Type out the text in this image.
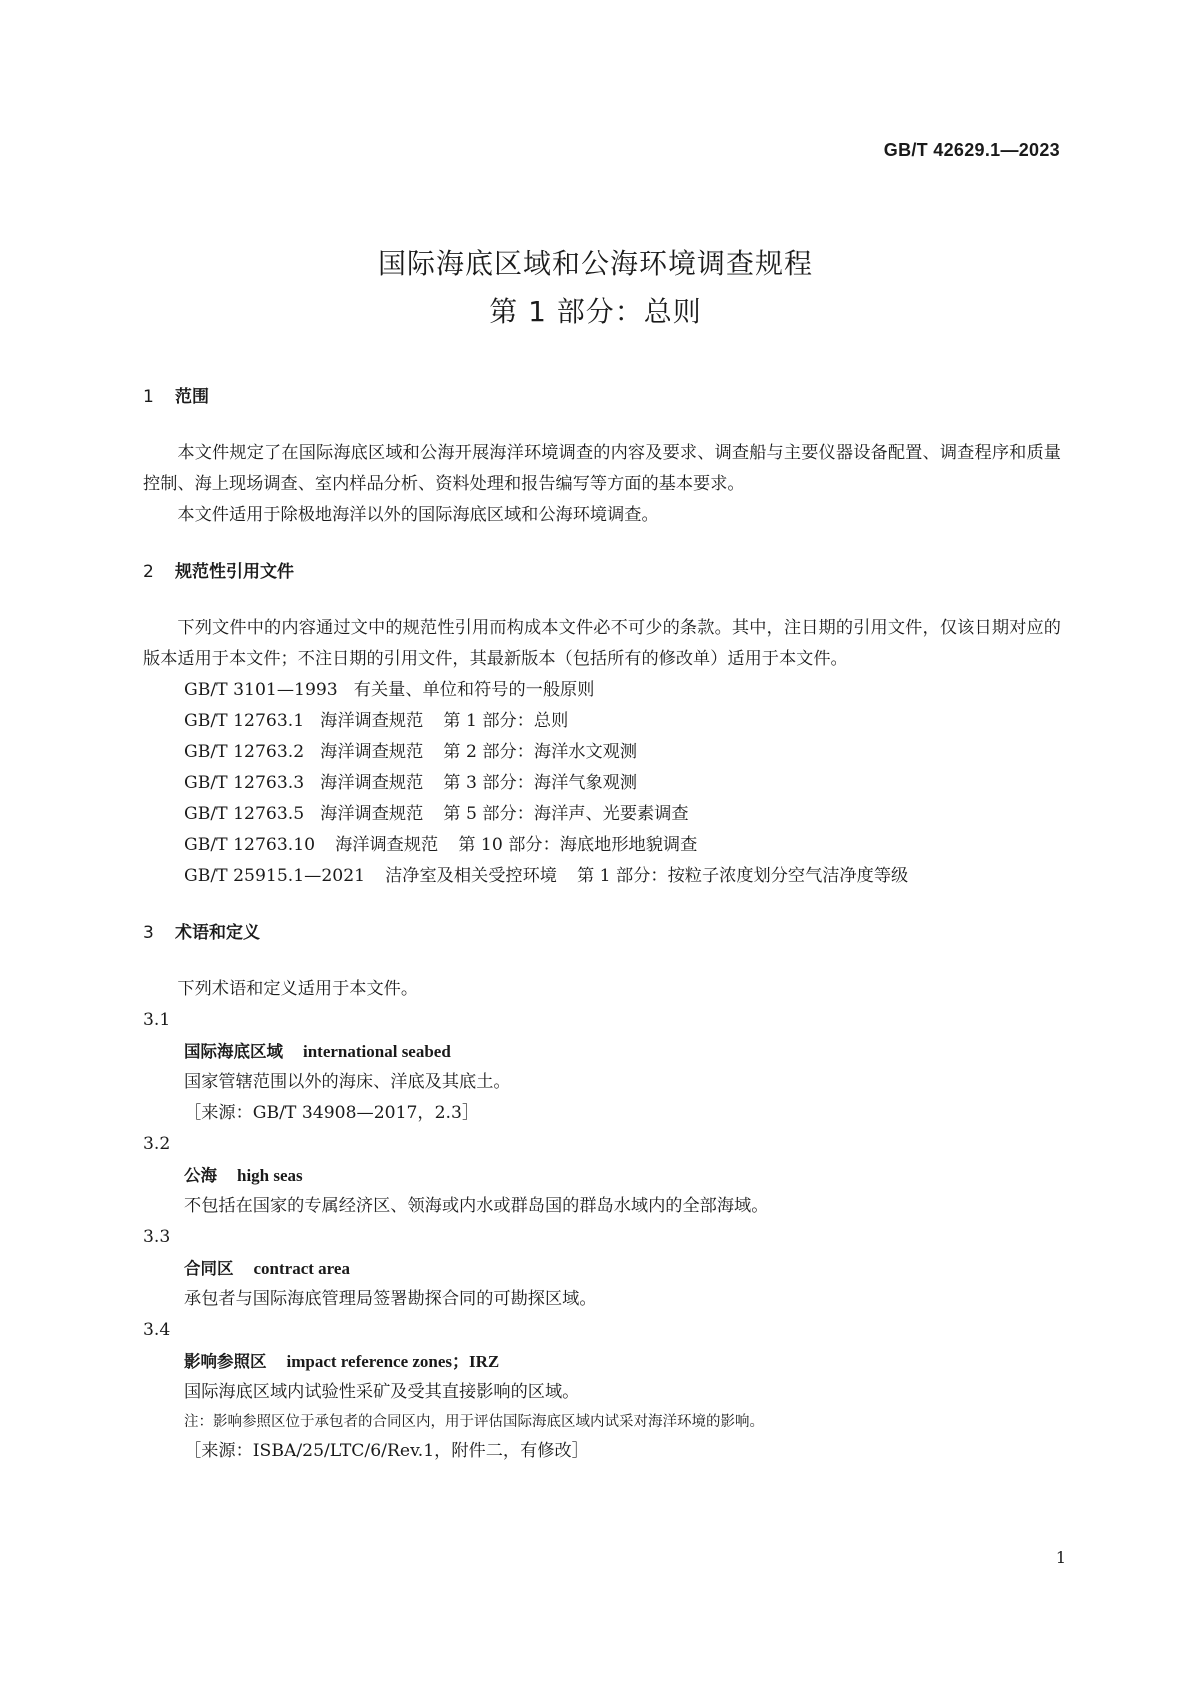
GB/T 42629.1—2023
国际海底区域和公海环境调查规程
第 1 部分：总则
1 范围
本文件规定了在国际海底区域和公海开展海洋环境调查的内容及要求、调查船与主要仪器设备配置、调查程序和质量控制、海上现场调查、室内样品分析、资料处理和报告编写等方面的基本要求。
本文件适用于除极地海洋以外的国际海底区域和公海环境调查。
2 规范性引用文件
下列文件中的内容通过文中的规范性引用而构成本文件必不可少的条款。其中，注日期的引用文件，仅该日期对应的版本适用于本文件；不注日期的引用文件，其最新版本（包括所有的修改单）适用于本文件。
GB/T 3101—1993 有关量、单位和符号的一般原则
GB/T 12763.1 海洋调查规范 第 1 部分：总则
GB/T 12763.2 海洋调查规范 第 2 部分：海洋水文观测
GB/T 12763.3 海洋调查规范 第 3 部分：海洋气象观测
GB/T 12763.5 海洋调查规范 第 5 部分：海洋声、光要素调查
GB/T 12763.10 海洋调查规范 第 10 部分：海底地形地貌调查
GB/T 25915.1—2021 洁净室及相关受控环境 第 1 部分：按粒子浓度划分空气洁净度等级
3 术语和定义
下列术语和定义适用于本文件。
3.1
国际海底区域 international seabed
国家管辖范围以外的海床、洋底及其底土。
［来源：GB/T 34908—2017，2.3］
3.2
公海 high seas
不包括在国家的专属经济区、领海或内水或群岛国的群岛水域内的全部海域。
3.3
合同区 contract area
承包者与国际海底管理局签署勘探合同的可勘探区域。
3.4
影响参照区 impact reference zones；IRZ
国际海底区域内试验性采矿及受其直接影响的区域。
注：影响参照区位于承包者的合同区内，用于评估国际海底区域内试采对海洋环境的影响。
［来源：ISBA/25/LTC/6/Rev.1，附件二，有修改］
1
